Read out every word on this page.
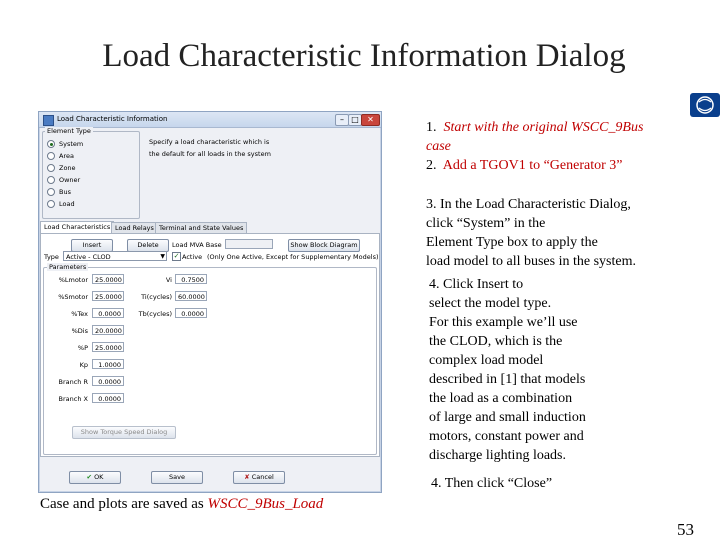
Load Characteristic Information Dialog
1. Start with the original WSCC_9Bus
case
2. Add a TGOV1 to “Generator 3”
3. In the Load Characteristic Dialog,
click “System” in the
Element Type box to apply the
load model to all buses in the system.
4. Click Insert to
select the model type.
For this example we’ll use
the CLOD, which is the
complex load model
described in [1] that models
the load as a combination
of large and small induction
motors, constant power and
discharge lighting loads.
4. Then click “Close”
Case and plots are saved as WSCC_9Bus_Load
53
Load Characteristic Information	– □	✕
Element Type
System
Area
Zone
Owner
Bus
Load
Specify a load characteristic which is
the default for all loads in the system
Load Characteristics Load Relays Terminal and State Values
Insert	Delete	Load MVA Base	Show Block Diagram
Type	Active - CLOD	▼ ✓ Active (Only One Active, Except for Supplementary Models)
Parameters
%Lmotor	25.0000
%Smotor	25.0000
%Tex	0.0000
%Dis	20.0000
%P	25.0000
Kp	1.0000
Branch R	0.0000
Branch X	0.0000
Vi	0.7500
Ti(cycles) 60.0000
Tb(cycles)	0.0000
Show Torque Speed Dialog
✔ OK	Save	✘ Cancel
